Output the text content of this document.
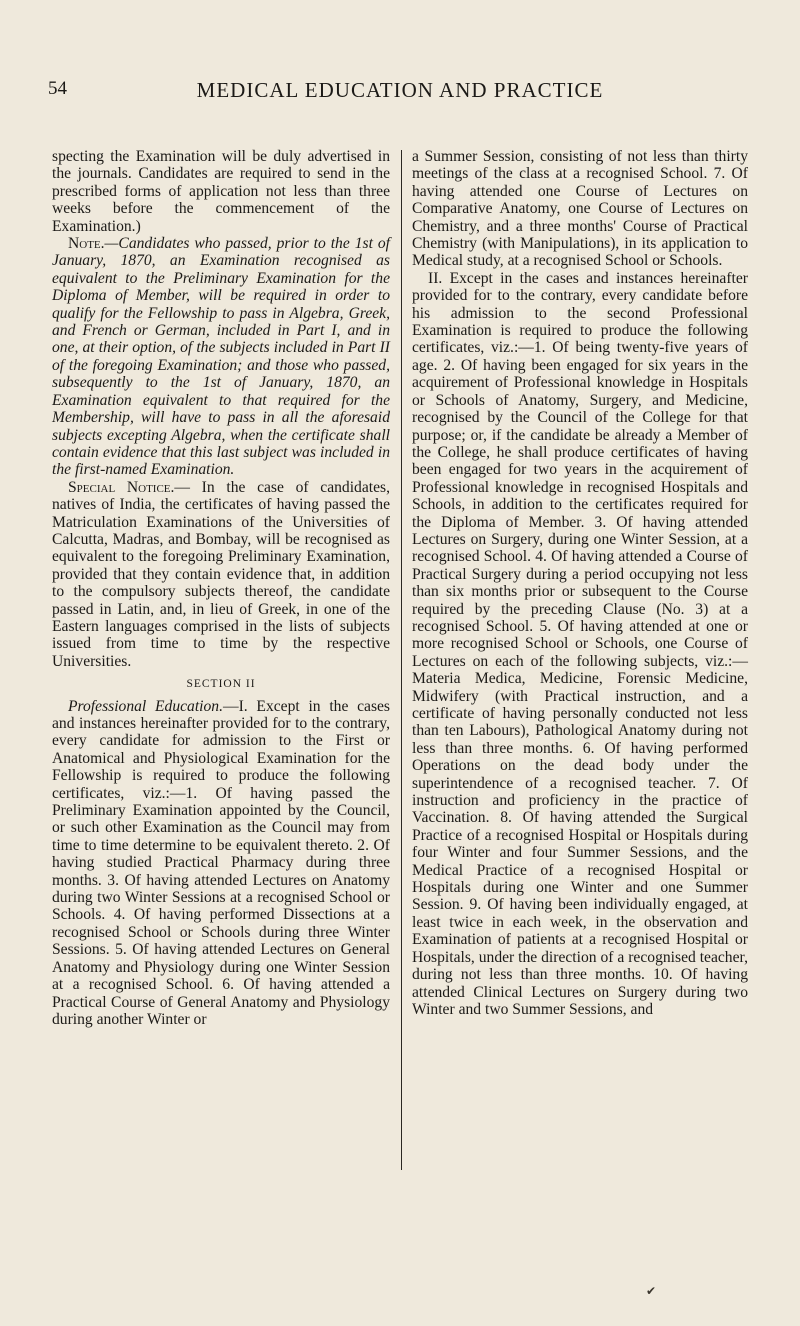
54	MEDICAL EDUCATION AND PRACTICE

specting the Examination will be duly advertised in the journals. Candidates are required to send in the prescribed forms of application not less than three weeks before the commencement of the Examination.)

Note.—Candidates who passed, prior to the 1st of January, 1870, an Examination recognised as equivalent to the Preliminary Examination for the Diploma of Member, will be required in order to qualify for the Fellowship to pass in Algebra, Greek, and French or German, included in Part I, and in one, at their option, of the subjects included in Part II of the foregoing Examination; and those who passed, subsequently to the 1st of January, 1870, an Examination equivalent to that required for the Membership, will have to pass in all the aforesaid subjects excepting Algebra, when the certificate shall contain evidence that this last subject was included in the first-named Examination.

Special Notice.— In the case of candidates, natives of India, the certificates of having passed the Matriculation Examinations of the Universities of Calcutta, Madras, and Bombay, will be recognised as equivalent to the foregoing Preliminary Examination, provided that they contain evidence that, in addition to the compulsory subjects thereof, the candidate passed in Latin, and, in lieu of Greek, in one of the Eastern languages comprised in the lists of subjects issued from time to time by the respective Universities.

SECTION II

Professional Education.—I. Except in the cases and instances hereinafter provided for to the contrary, every candidate for admission to the First or Anatomical and Physiological Examination for the Fellowship is required to produce the following certificates, viz.:—1. Of having passed the Preliminary Examination appointed by the Council, or such other Examination as the Council may from time to time determine to be equivalent thereto. 2. Of having studied Practical Pharmacy during three months. 3. Of having attended Lectures on Anatomy during two Winter Sessions at a recognised School or Schools. 4. Of having performed Dissections at a recognised School or Schools during three Winter Sessions. 5. Of having attended Lectures on General Anatomy and Physiology during one Winter Session at a recognised School. 6. Of having attended a Practical Course of General Anatomy and Physiology during another Winter or

a Summer Session, consisting of not less than thirty meetings of the class at a recognised School. 7. Of having attended one Course of Lectures on Comparative Anatomy, one Course of Lectures on Chemistry, and a three months' Course of Practical Chemistry (with Manipulations), in its application to Medical study, at a recognised School or Schools.

II. Except in the cases and instances hereinafter provided for to the contrary, every candidate before his admission to the second Professional Examination is required to produce the following certificates, viz.:—1. Of being twenty-five years of age. 2. Of having been engaged for six years in the acquirement of Professional knowledge in Hospitals or Schools of Anatomy, Surgery, and Medicine, recognised by the Council of the College for that purpose; or, if the candidate be already a Member of the College, he shall produce certificates of having been engaged for two years in the acquirement of Professional knowledge in recognised Hospitals and Schools, in addition to the certificates required for the Diploma of Member. 3. Of having attended Lectures on Surgery, during one Winter Session, at a recognised School. 4. Of having attended a Course of Practical Surgery during a period occupying not less than six months prior or subsequent to the Course required by the preceding Clause (No. 3) at a recognised School. 5. Of having attended at one or more recognised School or Schools, one Course of Lectures on each of the following subjects, viz.:—Materia Medica, Medicine, Forensic Medicine, Midwifery (with Practical instruction, and a certificate of having personally conducted not less than ten Labours), Pathological Anatomy during not less than three months. 6. Of having performed Operations on the dead body under the superintendence of a recognised teacher. 7. Of instruction and proficiency in the practice of Vaccination. 8. Of having attended the Surgical Practice of a recognised Hospital or Hospitals during four Winter and four Summer Sessions, and the Medical Practice of a recognised Hospital or Hospitals during one Winter and one Summer Session. 9. Of having been individually engaged, at least twice in each week, in the observation and Examination of patients at a recognised Hospital or Hospitals, under the direction of a recognised teacher, during not less than three months. 10. Of having attended Clinical Lectures on Surgery during two Winter and two Summer Sessions, and

✔
